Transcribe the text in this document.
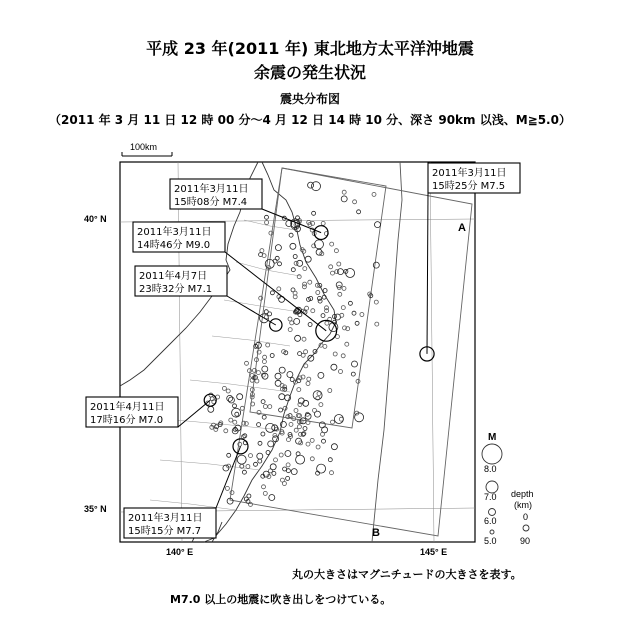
平成 23 年(2011 年) 東北地方太平洋沖地震
余震の発生状況
震央分布図
（2011 年 3 月 11 日 12 時 00 分～4 月 12 日 14 時 10 分、深さ 90km 以浅、M≧5.0）
A
B
100km
40° N
35° N
140° E	145° E
2011年3月11日
15時08分 M7.4
2011年3月11日
14時46分 M9.0
2011年4月7日
23時32分 M7.1
2011年3月11日
15時25分 M7.5
2011年4月11日
17時16分 M7.0
2011年3月11日
15時15分 M7.7
M
8.0
7.0
6.0
5.0
depth
(km)
0
90
丸の大きさはマグニチュードの大きさを表す。
M7.0 以上の地震に吹き出しをつけている。
